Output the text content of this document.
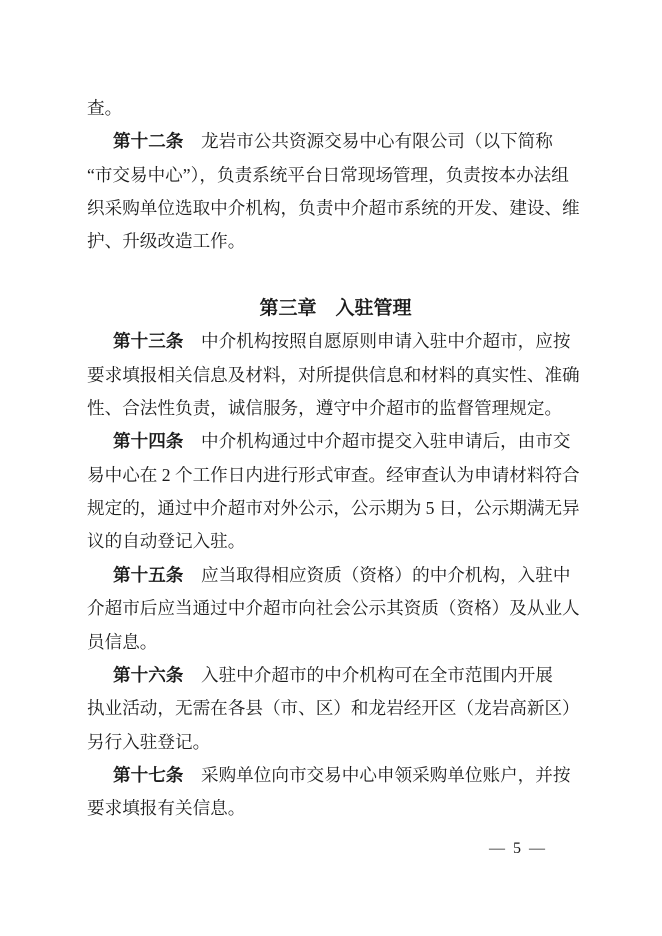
查。
第十二条　龙岩市公共资源交易中心有限公司（以下简称
“市交易中心”），负责系统平台日常现场管理，负责按本办法组
织采购单位选取中介机构，负责中介超市系统的开发、建设、维
护、升级改造工作。
第三章　入驻管理
第十三条　中介机构按照自愿原则申请入驻中介超市，应按
要求填报相关信息及材料，对所提供信息和材料的真实性、准确
性、合法性负责，诚信服务，遵守中介超市的监督管理规定。
第十四条　中介机构通过中介超市提交入驻申请后，由市交
易中心在 2 个工作日内进行形式审查。经审查认为申请材料符合
规定的，通过中介超市对外公示，公示期为 5 日，公示期满无异
议的自动登记入驻。
第十五条　应当取得相应资质（资格）的中介机构，入驻中
介超市后应当通过中介超市向社会公示其资质（资格）及从业人
员信息。
第十六条　入驻中介超市的中介机构可在全市范围内开展
执业活动，无需在各县（市、区）和龙岩经开区（龙岩高新区）
另行入驻登记。
第十七条　采购单位向市交易中心申领采购单位账户，并按
要求填报有关信息。
— 5 —
